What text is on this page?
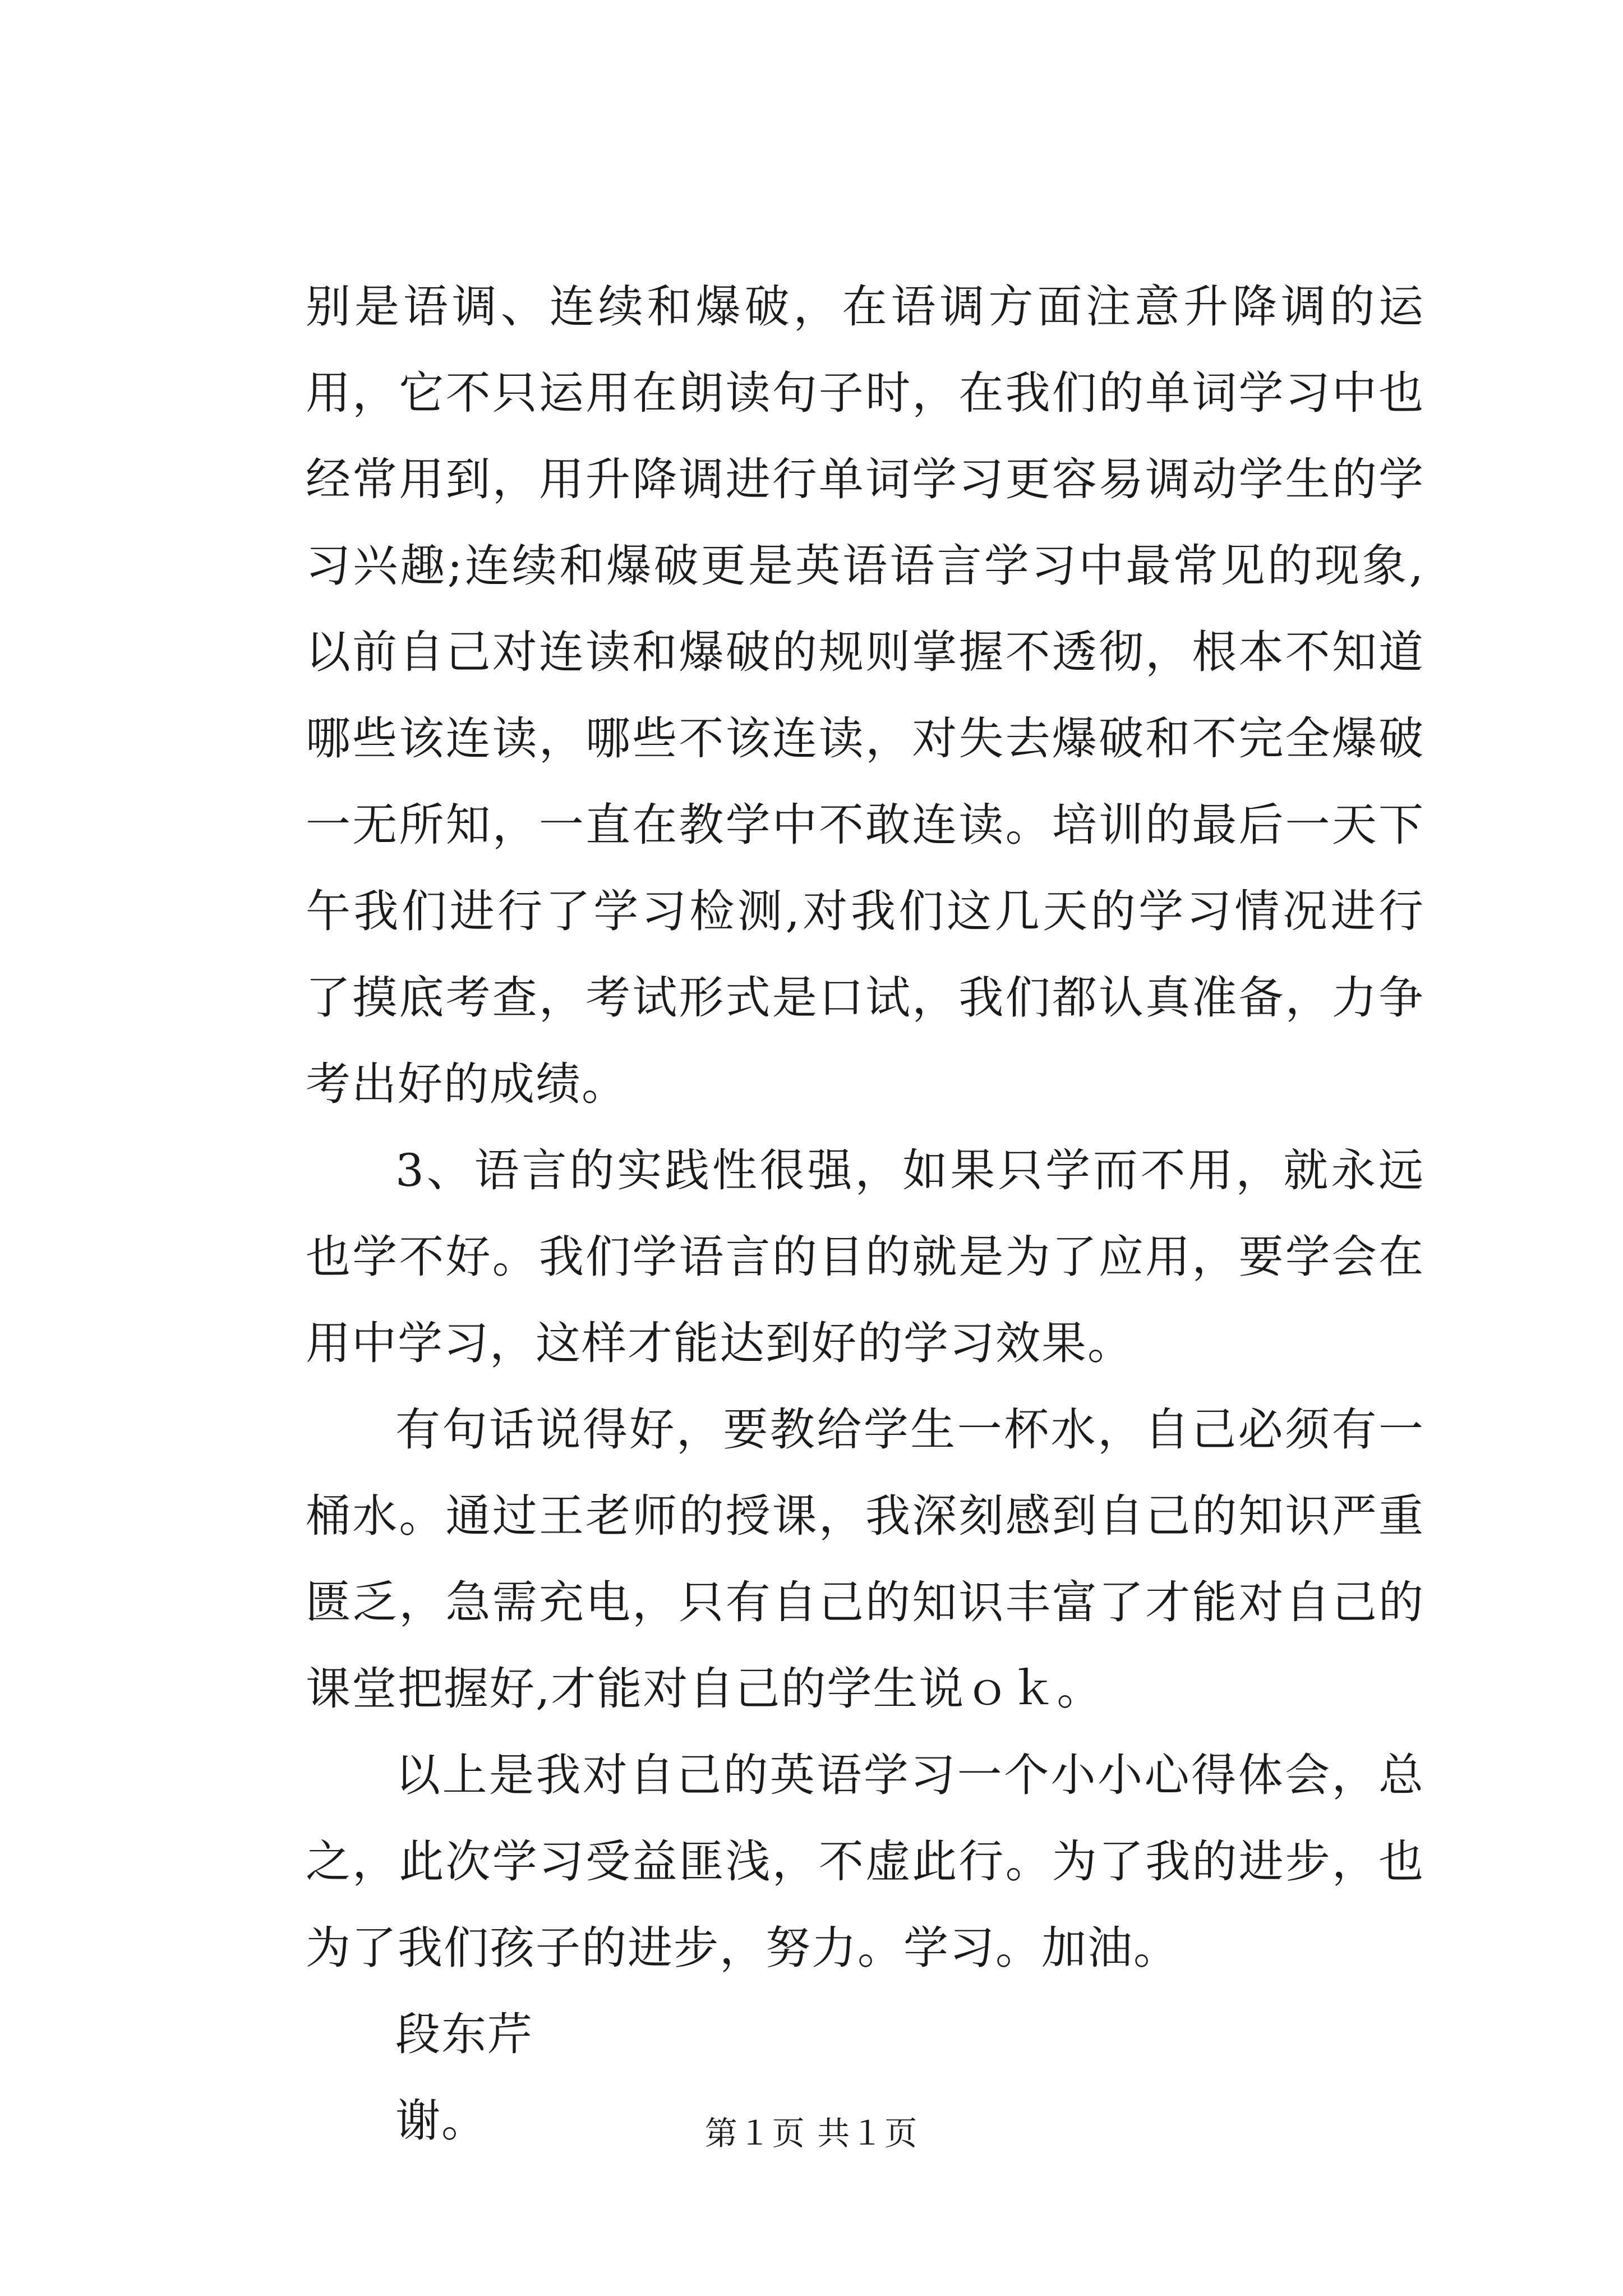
别是语调、连续和爆破，在语调方面注意升降调的运用，它不只运用在朗读句子时，在我们的单词学习中也经常用到，用升降调进行单词学习更容易调动学生的学习兴趣;连续和爆破更是英语语言学习中最常见的现象,以前自己对连读和爆破的规则掌握不透彻，根本不知道哪些该连读，哪些不该连读，对失去爆破和不完全爆破一无所知，一直在教学中不敢连读。培训的最后一天下午我们进行了学习检测,对我们这几天的学习情况进行了摸底考查，考试形式是口试，我们都认真准备，力争考出好的成绩。

3、语言的实践性很强，如果只学而不用，就永远也学不好。我们学语言的目的就是为了应用，要学会在用中学习，这样才能达到好的学习效果。

有句话说得好，要教给学生一杯水，自己必须有一桶水。通过王老师的授课，我深刻感到自己的知识严重匮乏，急需充电，只有自己的知识丰富了才能对自己的课堂把握好,才能对自己的学生说ｏｋ。

以上是我对自己的英语学习一个小小心得体会，总之，此次学习受益匪浅，不虚此行。为了我的进步，也为了我们孩子的进步，努力。学习。加油。

段东芹

谢。	第１页 共１页
